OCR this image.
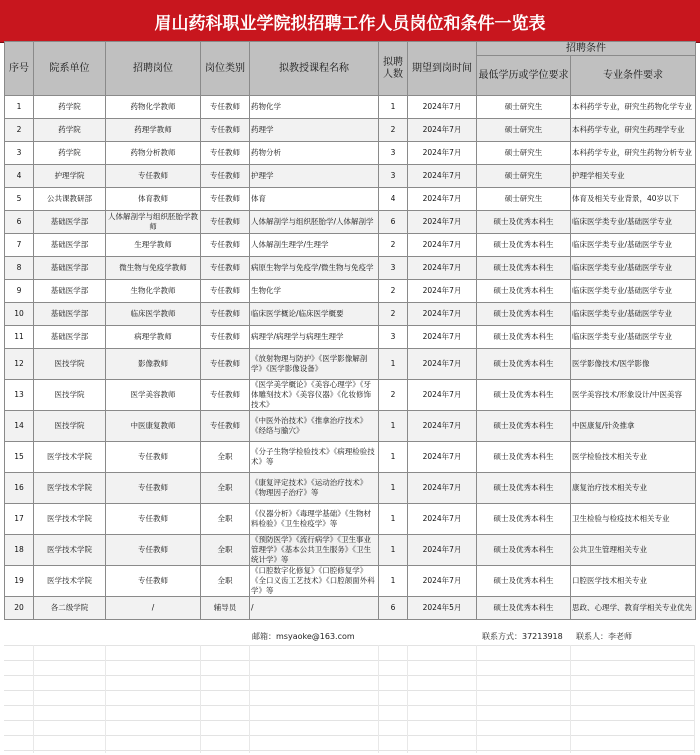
眉山药科职业学院拟招聘工作人员岗位和条件一览表
序号	院系单位	招聘岗位	岗位类别	拟教授课程名称	拟聘人数	期望到岗时间	招聘条件	
							最低学历或学位要求	专业条件要求
1	药学院	药物化学教师	专任教师	药物化学	1	2024年7月	硕士研究生	本科药学专业，研究生药物化学专业
2	药学院	药理学教师	专任教师	药理学	2	2024年7月	硕士研究生	本科药学专业，研究生药理学专业
3	药学院	药物分析教师	专任教师	药物分析	3	2024年7月	硕士研究生	本科药学专业，研究生药物分析专业
4	护理学院	专任教师	专任教师	护理学	3	2024年7月	硕士研究生	护理学相关专业
5	公共课教研部	体育教师	专任教师	体育	4	2024年7月	硕士研究生	体育及相关专业背景，40岁以下
6	基础医学部	人体解剖学与组织胚胎学教师	专任教师	人体解剖学与组织胚胎学/人体解剖学	6	2024年7月	硕士及优秀本科生	临床医学类专业/基础医学专业
7	基础医学部	生理学教师	专任教师	人体解剖生理学/生理学	2	2024年7月	硕士及优秀本科生	临床医学类专业/基础医学专业
8	基础医学部	微生物与免疫学教师	专任教师	病原生物学与免疫学/微生物与免疫学	3	2024年7月	硕士及优秀本科生	临床医学类专业/基础医学专业
9	基础医学部	生物化学教师	专任教师	生物化学	2	2024年7月	硕士及优秀本科生	临床医学类专业/基础医学专业
10	基础医学部	临床医学教师	专任教师	临床医学概论/临床医学概要	2	2024年7月	硕士及优秀本科生	临床医学类专业/基础医学专业
11	基础医学部	病理学教师	专任教师	病理学/病理学与病理生理学	3	2024年7月	硕士及优秀本科生	临床医学类专业/基础医学专业
12	医技学院	影像教师	专任教师	《放射物理与防护》《医学影像解剖学》《医学影像设备》	1	2024年7月	硕士及优秀本科生	医学影像技术/医学影像
13	医技学院	医学美容教师	专任教师	《医学美学概论》《美容心理学》《牙体雕刻技术》《美容仪器》《化妆修饰技术》	2	2024年7月	硕士及优秀本科生	医学美容技术/形象设计/中医美容
14	医技学院	中医康复教师	专任教师	《中医外治技术》《推拿治疗技术》《经络与腧穴》	1	2024年7月	硕士及优秀本科生	中医康复/针灸推拿
15	医学技术学院	专任教师	全职	《分子生物学检验技术》《病理检验技术》等	1	2024年7月	硕士及优秀本科生	医学检验技术相关专业
16	医学技术学院	专任教师	全职	《康复评定技术》《运动治疗技术》《物理因子治疗》等	1	2024年7月	硕士及优秀本科生	康复治疗技术相关专业
17	医学技术学院	专任教师	全职	《仪器分析》《毒理学基础》《生物材料检验》《卫生检疫学》等	1	2024年7月	硕士及优秀本科生	卫生检验与检疫技术相关专业
18	医学技术学院	专任教师	全职	《预防医学》《流行病学》《卫生事业管理学》《基本公共卫生服务》《卫生统计学》等	1	2024年7月	硕士及优秀本科生	公共卫生管理相关专业
19	医学技术学院	专任教师	全职	《口腔数字化修复》《口腔修复学》《全口义齿工艺技术》《口腔颌面外科学》等	1	2024年7月	硕士及优秀本科生	口腔医学技术相关专业
20	各二级学院	/	辅导员	/	6	2024年5月	硕士及优秀本科生	思政、心理学、教育学相关专业优先
邮箱：msyaoke@163.com	联系方式：37213918 联系人：李老师
